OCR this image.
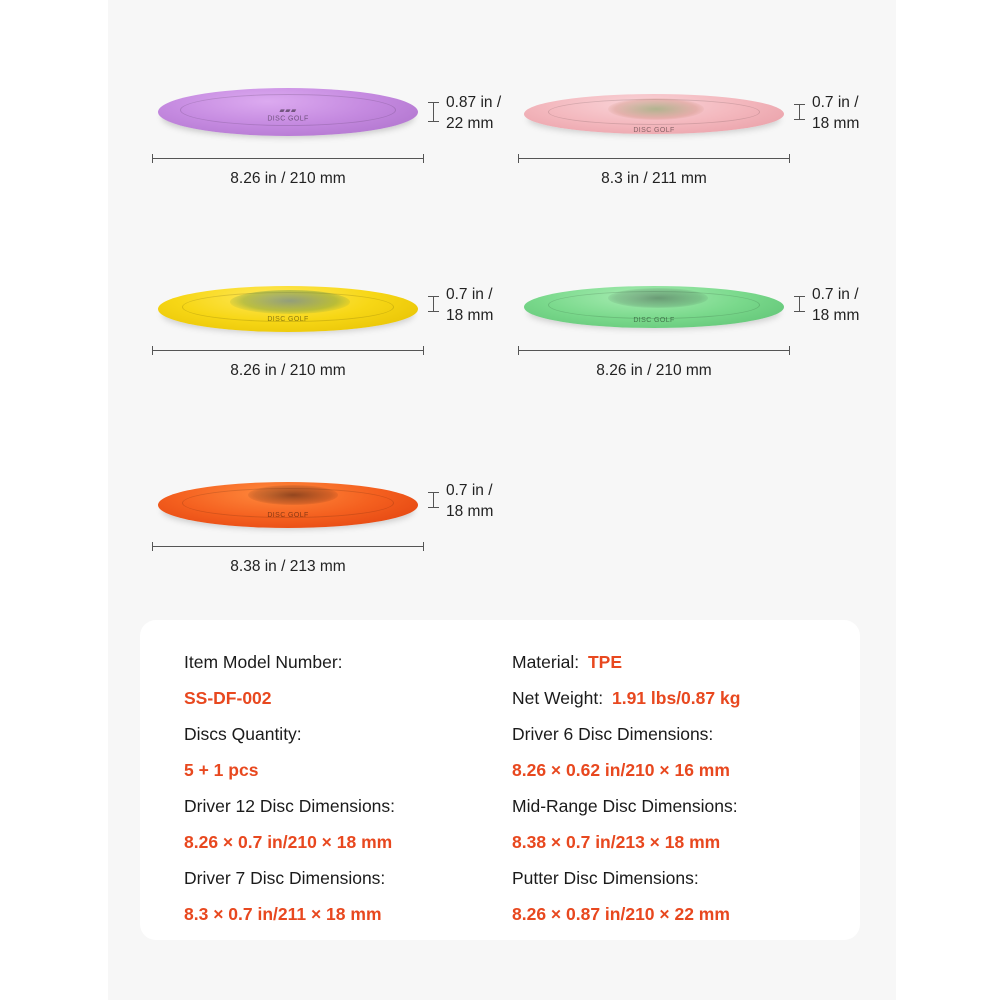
▰▰▰
DISC GOLF
0.87 in /
22 mm
8.26 in / 210 mm
DISC GOLF
0.7 in /
18 mm
8.3 in / 211 mm
DISC GOLF
0.7 in /
18 mm
8.26 in / 210 mm
DISC GOLF
0.7 in /
18 mm
8.26 in / 210 mm
DISC GOLF
0.7 in /
18 mm
8.38 in / 213 mm
Item Model Number:
SS-DF-002
Discs Quantity:
5 + 1 pcs
Driver 12 Disc Dimensions:
8.26 × 0.7 in/210 × 18 mm
Driver 7 Disc Dimensions:
8.3 × 0.7 in/211 × 18 mm
Material: TPE
Net Weight: 1.91 lbs/0.87 kg
Driver 6 Disc Dimensions:
8.26 × 0.62 in/210 × 16 mm
Mid-Range Disc Dimensions:
8.38 × 0.7 in/213 × 18 mm
Putter Disc Dimensions:
8.26 × 0.87 in/210 × 22 mm
